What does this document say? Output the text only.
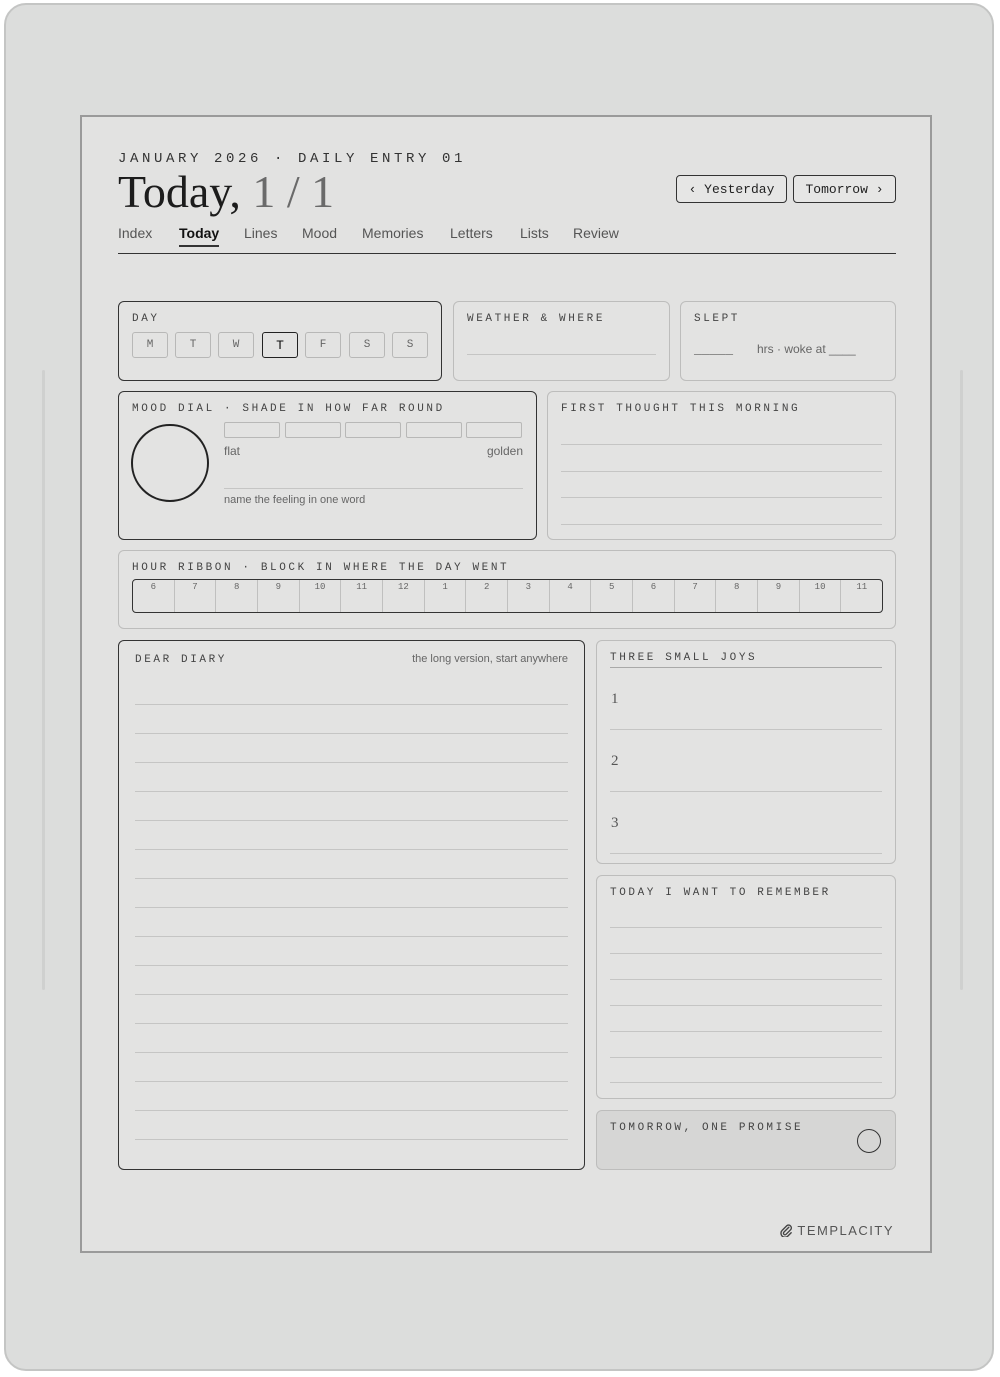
JANUARY 2026 · DAILY ENTRY 01
Today, 1 / 1	‹ Yesterday	Tomorrow ›
Index Today Lines Mood Memories Letters Lists Review
DAY
M	T	W	T	F	S	S
WEATHER & WHERE	SLEPT
_____ hrs · woke at ____
MOOD DIAL · SHADE IN HOW FAR ROUND
flat	golden
name the feeling in one word
FIRST THOUGHT THIS MORNING
HOUR RIBBON · BLOCK IN WHERE THE DAY WENT
6	7	8	9	10	11	12	1	2	3	4	5	6	7	8	9	10	11
DEAR DIARY	the long version, start anywhere	THREE SMALL JOYS
1
2
3
TODAY I WANT TO REMEMBER
TOMORROW, ONE PROMISE
TEMPLACITY
